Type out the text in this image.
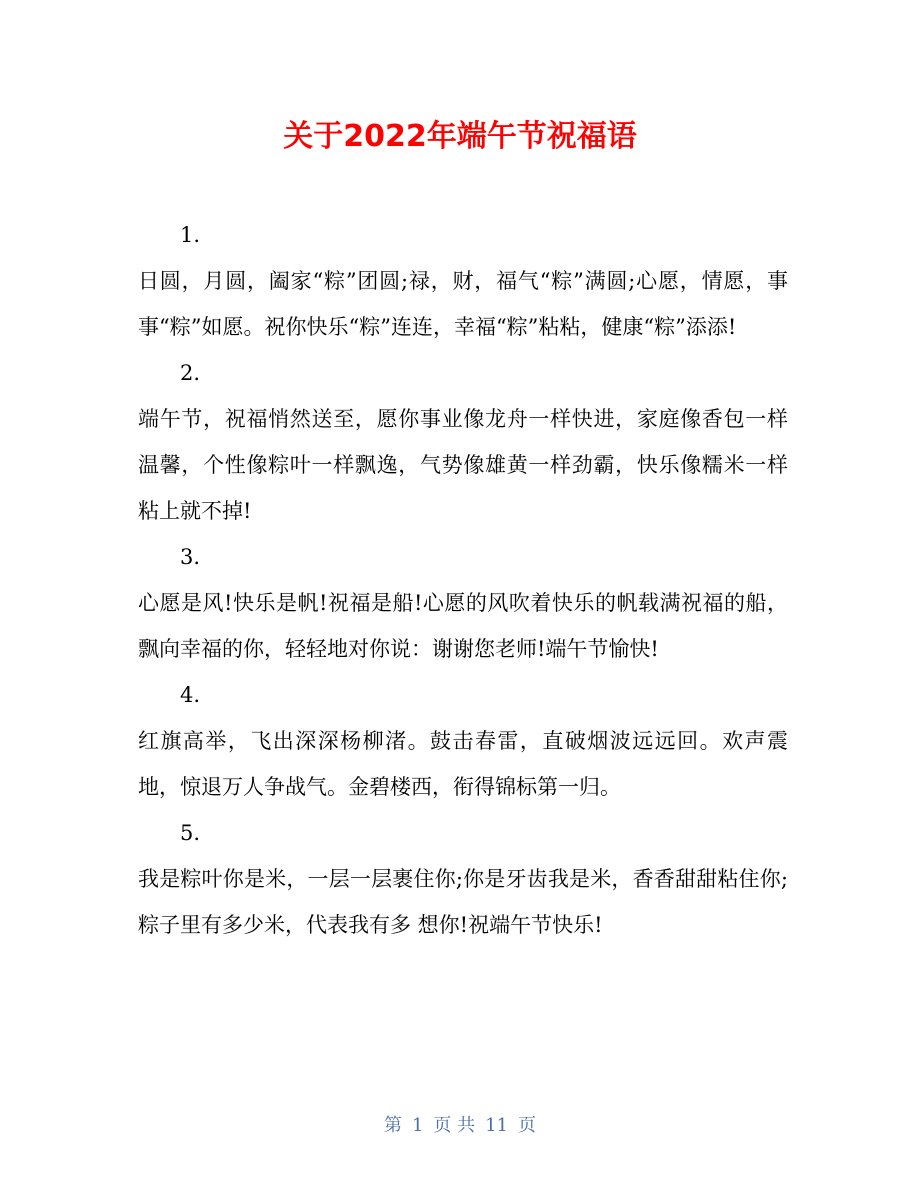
关于2022年端午节祝福语
1.
日圆，月圆，阖家“粽”团圆;禄，财，福气“粽”满圆;心愿，情愿，事事“粽”如愿。祝你快乐“粽”连连，幸福“粽”粘粘，健康“粽”添添!
2.
端午节，祝福悄然送至，愿你事业像龙舟一样快进，家庭像香包一样温馨，个性像粽叶一样飘逸，气势像雄黄一样劲霸，快乐像糯米一样粘上就不掉!
3.
心愿是风!快乐是帆!祝福是船!心愿的风吹着快乐的帆载满祝福的船，飘向幸福的你，轻轻地对你说：谢谢您老师!端午节愉快!
4.
红旗高举，飞出深深杨柳渚。鼓击春雷，直破烟波远远回。欢声震地，惊退万人争战气。金碧楼西，衔得锦标第一归。
5.
我是粽叶你是米，一层一层裹住你;你是牙齿我是米，香香甜甜粘住你;粽子里有多少米，代表我有多 想你!祝端午节快乐!
第 1 页 共 11 页
